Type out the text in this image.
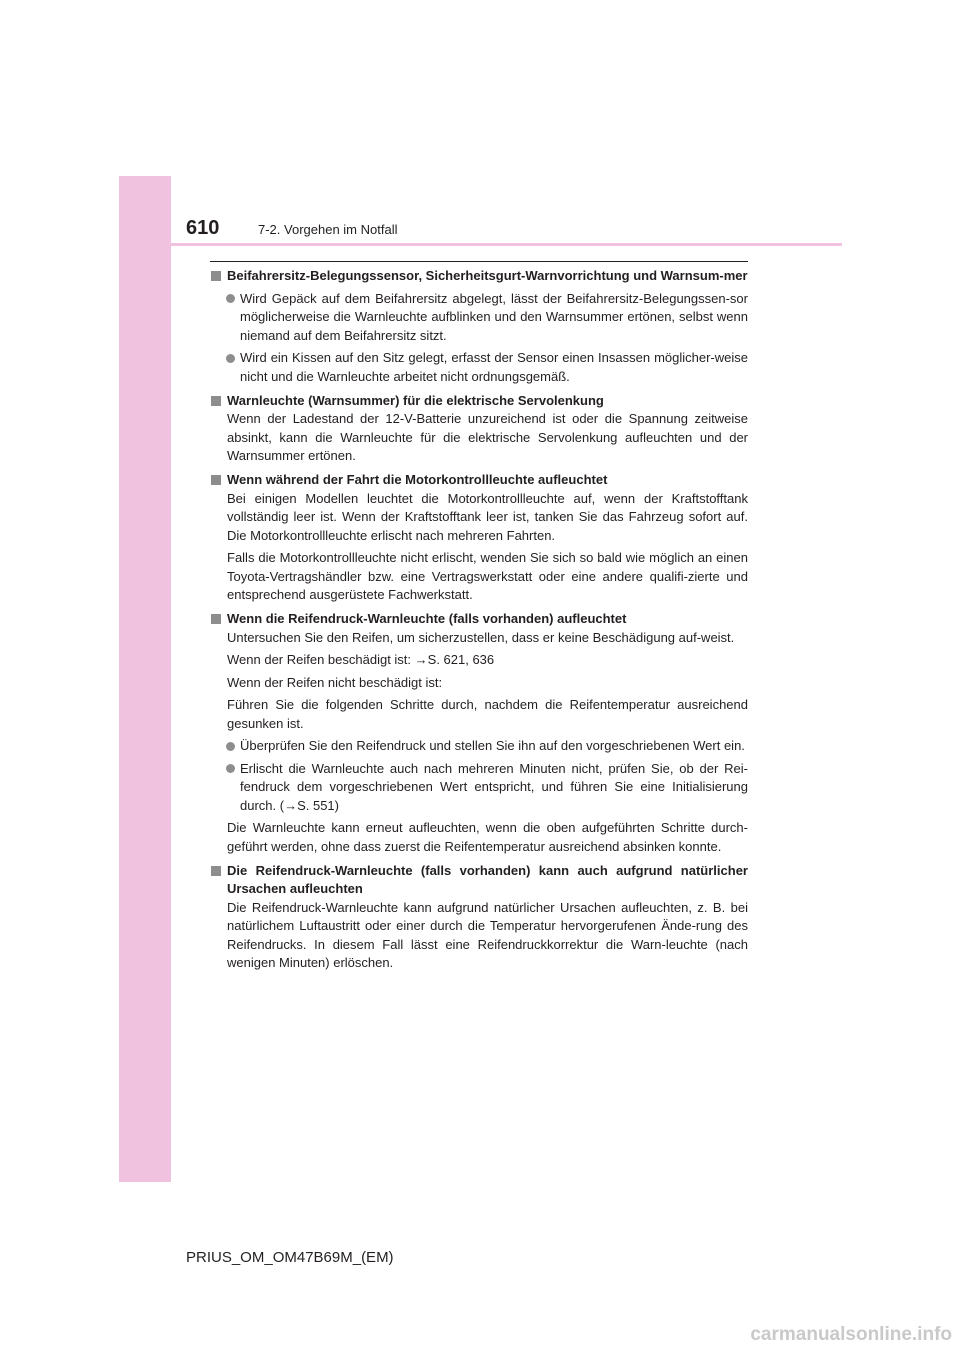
610	7-2. Vorgehen im Notfall
Beifahrersitz-Belegungssensor, Sicherheitsgurt-Warnvorrichtung und Warnsum-mer
Wird Gepäck auf dem Beifahrersitz abgelegt, lässt der Beifahrersitz-Belegungssen-sor möglicherweise die Warnleuchte aufblinken und den Warnsummer ertönen, selbst wenn niemand auf dem Beifahrersitz sitzt.
Wird ein Kissen auf den Sitz gelegt, erfasst der Sensor einen Insassen möglicher-weise nicht und die Warnleuchte arbeitet nicht ordnungsgemäß.
Warnleuchte (Warnsummer) für die elektrische Servolenkung
Wenn der Ladestand der 12-V-Batterie unzureichend ist oder die Spannung zeitweise absinkt, kann die Warnleuchte für die elektrische Servolenkung aufleuchten und der Warnsummer ertönen.
Wenn während der Fahrt die Motorkontrollleuchte aufleuchtet
Bei einigen Modellen leuchtet die Motorkontrollleuchte auf, wenn der Kraftstofftank vollständig leer ist. Wenn der Kraftstofftank leer ist, tanken Sie das Fahrzeug sofort auf. Die Motorkontrollleuchte erlischt nach mehreren Fahrten.
Falls die Motorkontrollleuchte nicht erlischt, wenden Sie sich so bald wie möglich an einen Toyota-Vertragshändler bzw. eine Vertragswerkstatt oder eine andere qualifi-zierte und entsprechend ausgerüstete Fachwerkstatt.
Wenn die Reifendruck-Warnleuchte (falls vorhanden) aufleuchtet
Untersuchen Sie den Reifen, um sicherzustellen, dass er keine Beschädigung auf-weist.
Wenn der Reifen beschädigt ist: →S. 621, 636
Wenn der Reifen nicht beschädigt ist:
Führen Sie die folgenden Schritte durch, nachdem die Reifentemperatur ausreichend gesunken ist.
Überprüfen Sie den Reifendruck und stellen Sie ihn auf den vorgeschriebenen Wert ein.
Erlischt die Warnleuchte auch nach mehreren Minuten nicht, prüfen Sie, ob der Rei-fendruck dem vorgeschriebenen Wert entspricht, und führen Sie eine Initialisierung durch. (→S. 551)
Die Warnleuchte kann erneut aufleuchten, wenn die oben aufgeführten Schritte durch-geführt werden, ohne dass zuerst die Reifentemperatur ausreichend absinken konnte.
Die Reifendruck-Warnleuchte (falls vorhanden) kann auch aufgrund natürlicher Ursachen aufleuchten
Die Reifendruck-Warnleuchte kann aufgrund natürlicher Ursachen aufleuchten, z. B. bei natürlichem Luftaustritt oder einer durch die Temperatur hervorgerufenen Ände-rung des Reifendrucks. In diesem Fall lässt eine Reifendruckkorrektur die Warn-leuchte (nach wenigen Minuten) erlöschen.
PRIUS_OM_OM47B69M_(EM)
carmanualsonline.info
